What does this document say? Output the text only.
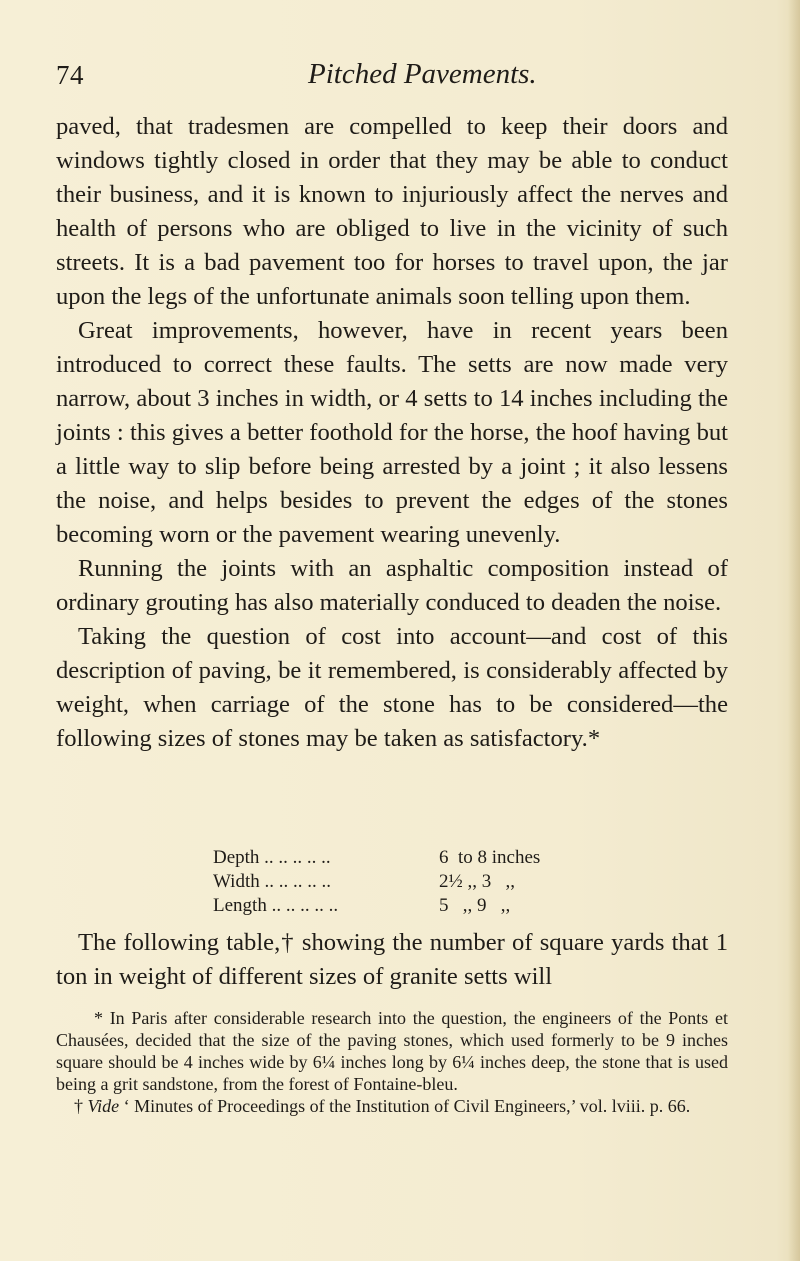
74	Pitched Pavements.

paved, that tradesmen are compelled to keep their doors and windows tightly closed in order that they may be able to conduct their business, and it is known to injuriously affect the nerves and health of persons who are obliged to live in the vicinity of such streets. It is a bad pavement too for horses to travel upon, the jar upon the legs of the unfortunate animals soon telling upon them.

Great improvements, however, have in recent years been introduced to correct these faults. The setts are now made very narrow, about 3 inches in width, or 4 setts to 14 inches including the joints : this gives a better foothold for the horse, the hoof having but a little way to slip before being arrested by a joint ; it also lessens the noise, and helps besides to prevent the edges of the stones becoming worn or the pavement wearing unevenly.

Running the joints with an asphaltic composition instead of ordinary grouting has also materially conduced to deaden the noise.

Taking the question of cost into account—and cost of this description of paving, be it remembered, is considerably affected by weight, when carriage of the stone has to be considered—the following sizes of stones may be taken as satisfactory.*

Depth .. .. .. .. ..	6  to 8 inches
Width .. .. .. .. ..	2½ ,, 3   ,,
Length .. .. .. .. ..	5   ,, 9   ,,

The following table,† showing the number of square yards that 1 ton in weight of different sizes of granite setts will

* In Paris after considerable research into the question, the engineers of the Ponts et Chausées, decided that the size of the paving stones, which used formerly to be 9 inches square should be 4 inches wide by 6¼ inches long by 6¼ inches deep, the stone that is used being a grit sandstone, from the forest of Fontaine-bleu.

† Vide ‘ Minutes of Proceedings of the Institution of Civil Engineers,’ vol. lviii. p. 66.
